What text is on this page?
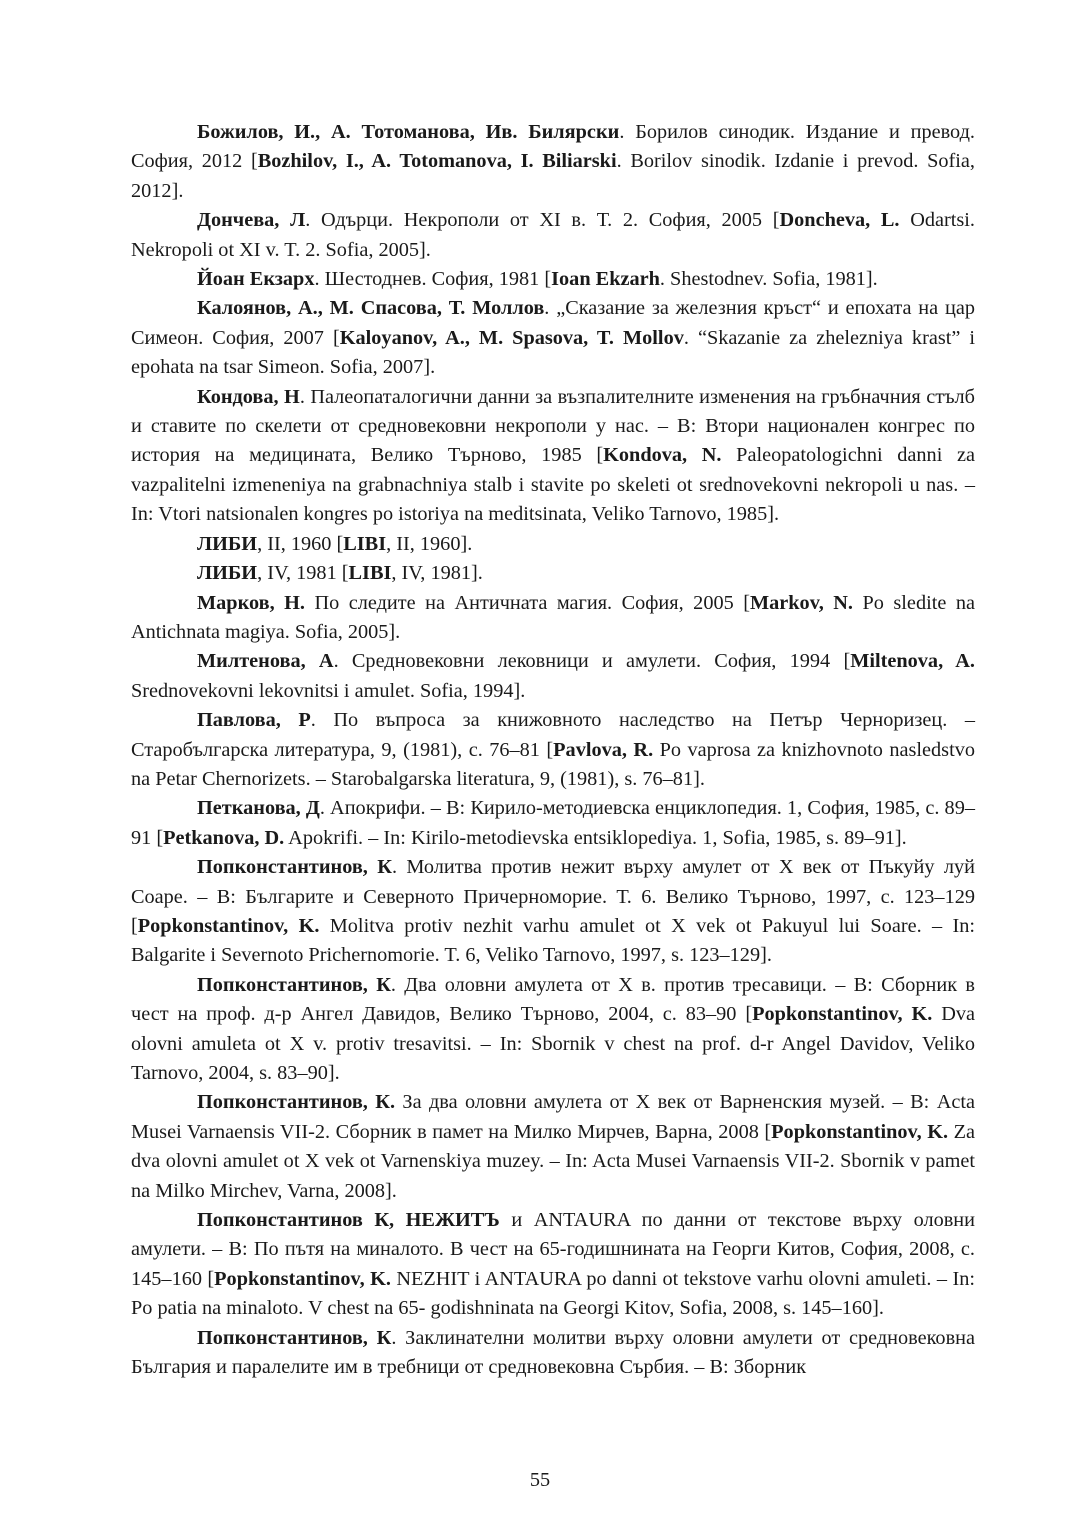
Божилов, И., А. Тотоманова, Ив. Билярски. Борилов синодик. Издание и превод. София, 2012 [Bozhilov, I., A. Totomanova, I. Biliarski. Borilov sinodik. Izdanie i prevod. Sofia, 2012].

Дончева, Л. Одърци. Некрополи от XI в. Т. 2. София, 2005 [Doncheva, L. Odartsi. Nekropoli ot XI v. T. 2. Sofia, 2005].

Йоан Екзарх. Шестоднев. София, 1981 [Ioan Ekzarh. Shestodnev. Sofia, 1981].

Калоянов, А., М. Спасова, Т. Моллов. „Сказание за железния кръст“ и епохата на цар Симеон. София, 2007 [Kaloyanov, A., M. Spasova, T. Mollov. “Skazanie za zhelezniya krast” i epohata na tsar Simeon. Sofia, 2007].

Кондова, Н. Палеопаталогични данни за възпалителните изменения на гръбначния стълб и ставите по скелети от средновековни некрополи у нас. – В: Втори национален конгрес по история на медицината, Велико Търново, 1985 [Kondova, N. Paleopatologichni danni za vazpalitelni izmeneniya na grabnachniya stalb i stavite po skeleti ot srednovekovni nekropoli u nas. – In: Vtori natsionalen kongres po istoriya na meditsinata, Veliko Tarnovo, 1985].

ЛИБИ, II, 1960 [LIBI, II, 1960].

ЛИБИ, IV, 1981 [LIBI, IV, 1981].

Марков, Н. По следите на Античната магия. София, 2005 [Markov, N. Po sledite na Antichnata magiya. Sofia, 2005].

Милтенова, А. Средновековни лековници и амулети. София, 1994 [Miltenova, A. Srednovekovni lekovnitsi i amulet. Sofia, 1994].

Павлова, Р. По въпроса за книжовното наследство на Петър Черноризец. – Старобългарска литература, 9, (1981), с. 76–81 [Pavlova, R. Po vaprosa za knizhovnoto nasledstvo na Petar Chernorizets. – Starobalgarska literatura, 9, (1981), s. 76–81].

Петканова, Д. Апокрифи. – В: Кирило-методиевска енциклопедия. 1, София, 1985, с. 89–91 [Petkanova, D. Apokrifi. – In: Kirilo-metodievska entsiklopediya. 1, Sofia, 1985, s. 89–91].

Попконстантинов, К. Молитва против нежит върху амулет от Х век от Пъкуйу луй Соаре. – В: Българите и Северното Причерноморие. Т. 6. Велико Търново, 1997, с. 123–129 [Popkonstantinov, K. Molitva protiv nezhit varhu amulet ot X vek ot Pakuyul lui Soare. – In: Balgarite i Severnoto Prichernomorie. T. 6, Veliko Tarnovo, 1997, s. 123–129].

Попконстантинов, К. Два оловни амулета от Х в. против тресавици. – В: Сборник в чест на проф. д-р Ангел Давидов, Велико Търново, 2004, с. 83–90 [Popkonstantinov, K. Dva olovni amuleta ot X v. protiv tresavitsi. – In: Sbornik v chest na prof. d-r Angel Davidov, Veliko Tarnovo, 2004, s. 83–90].

Попконстантинов, К. За два оловни амулета от Х век от Варненския музей. – В: Acta Musei Varnaensis VII-2. Сборник в памет на Милко Мирчев, Варна, 2008 [Popkonstantinov, K. Za dva olovni amulet ot X vek ot Varnenskiya muzey. – In: Acta Musei Varnaensis VII-2. Sbornik v pamet na Milko Mirchev, Varna, 2008].

Попконстантинов К, НЕЖИТЪ и ANTAURA по данни от текстове върху оловни амулети. – В: По пътя на миналото. В чест на 65-годишнината на Георги Китов, София, 2008, с. 145–160 [Popkonstantinov, K. NEZHIT i ANTAURA po danni ot tekstove varhu olovni amuleti. – In: Po patia na minaloto. V chest na 65- godishninata na Georgi Kitov, Sofia, 2008, s. 145–160].

Попконстантинов, К. Заклинателни молитви върху оловни амулети от средновековна България и паралелите им в требници от средновековна Сърбия. – В: Зборник

55
